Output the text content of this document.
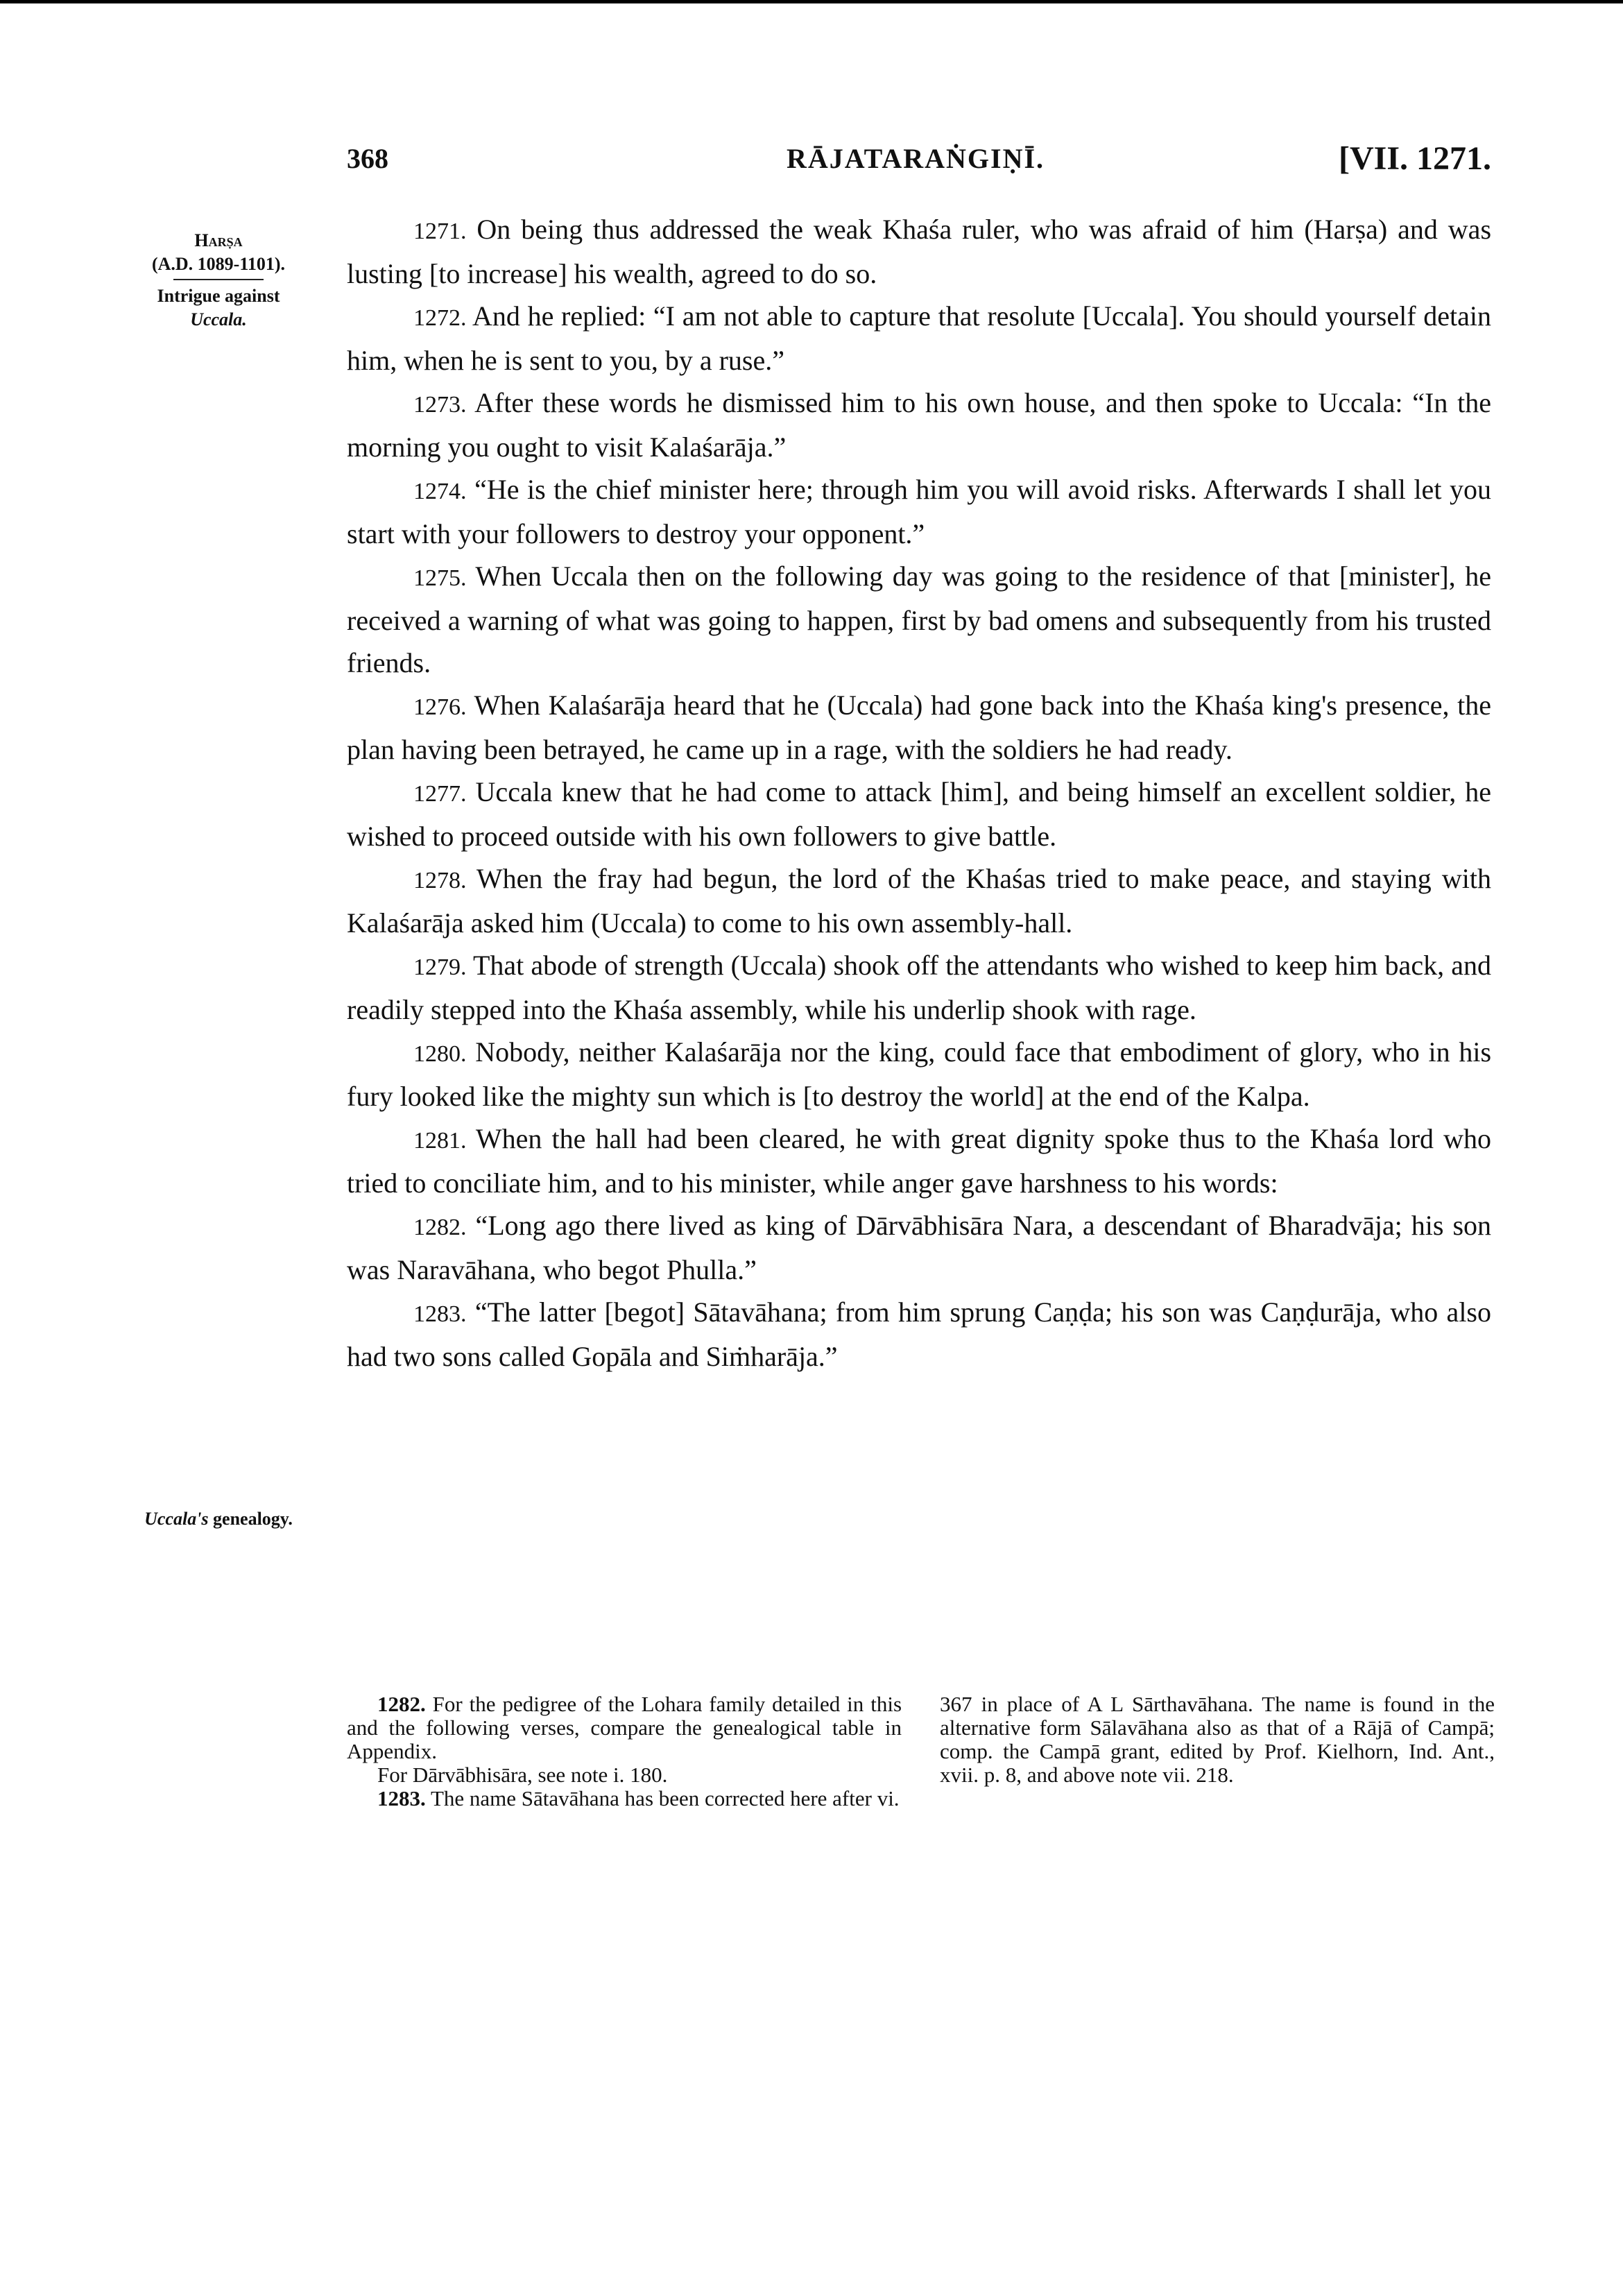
368	RĀJATARAṄGIṆĪ.	[VII. 1271.
Harṣa
(A.D. 1089-1101).
Intrigue against
Uccala.
Uccala's genealogy.

1271. On being thus addressed the weak Khaśa ruler, who was afraid of him (Harṣa) and was lusting [to increase] his wealth, agreed to do so.

1272. And he replied: “I am not able to capture that resolute [Uccala]. You should yourself detain him, when he is sent to you, by a ruse.”

1273. After these words he dismissed him to his own house, and then spoke to Uccala: “In the morning you ought to visit Kalaśarāja.”

1274. “He is the chief minister here; through him you will avoid risks. Afterwards I shall let you start with your followers to destroy your opponent.”

1275. When Uccala then on the following day was going to the residence of that [minister], he received a warning of what was going to happen, first by bad omens and subsequently from his trusted friends.

1276. When Kalaśarāja heard that he (Uccala) had gone back into the Khaśa king's presence, the plan having been betrayed, he came up in a rage, with the soldiers he had ready.

1277. Uccala knew that he had come to attack [him], and being himself an excellent soldier, he wished to proceed outside with his own followers to give battle.

1278. When the fray had begun, the lord of the Khaśas tried to make peace, and staying with Kalaśarāja asked him (Uccala) to come to his own assembly-hall.

1279. That abode of strength (Uccala) shook off the attendants who wished to keep him back, and readily stepped into the Khaśa assembly, while his underlip shook with rage.

1280. Nobody, neither Kalaśarāja nor the king, could face that embodiment of glory, who in his fury looked like the mighty sun which is [to destroy the world] at the end of the Kalpa.

1281. When the hall had been cleared, he with great dignity spoke thus to the Khaśa lord who tried to conciliate him, and to his minister, while anger gave harshness to his words:

1282. “Long ago there lived as king of Dārvābhisāra Nara, a descendant of Bharadvāja; his son was Naravāhana, who begot Phulla.”

1283. “The latter [begot] Sātavāhana; from him sprung Caṇḍa; his son was Caṇḍurāja, who also had two sons called Gopāla and Siṁharāja.”

1282. For the pedigree of the Lohara family detailed in this and the following verses, compare the genealogical table in Appendix.

For Dārvābhisāra, see note i. 180.

1283. The name Sātavāhana has been corrected here after vi.

367 in place of A L Sārthavāhana. The name is found in the alternative form Sālavāhana also as that of a Rājā of Campā; comp. the Campā grant, edited by Prof. Kielhorn, Ind. Ant., xvii. p. 8, and above note vii. 218.
